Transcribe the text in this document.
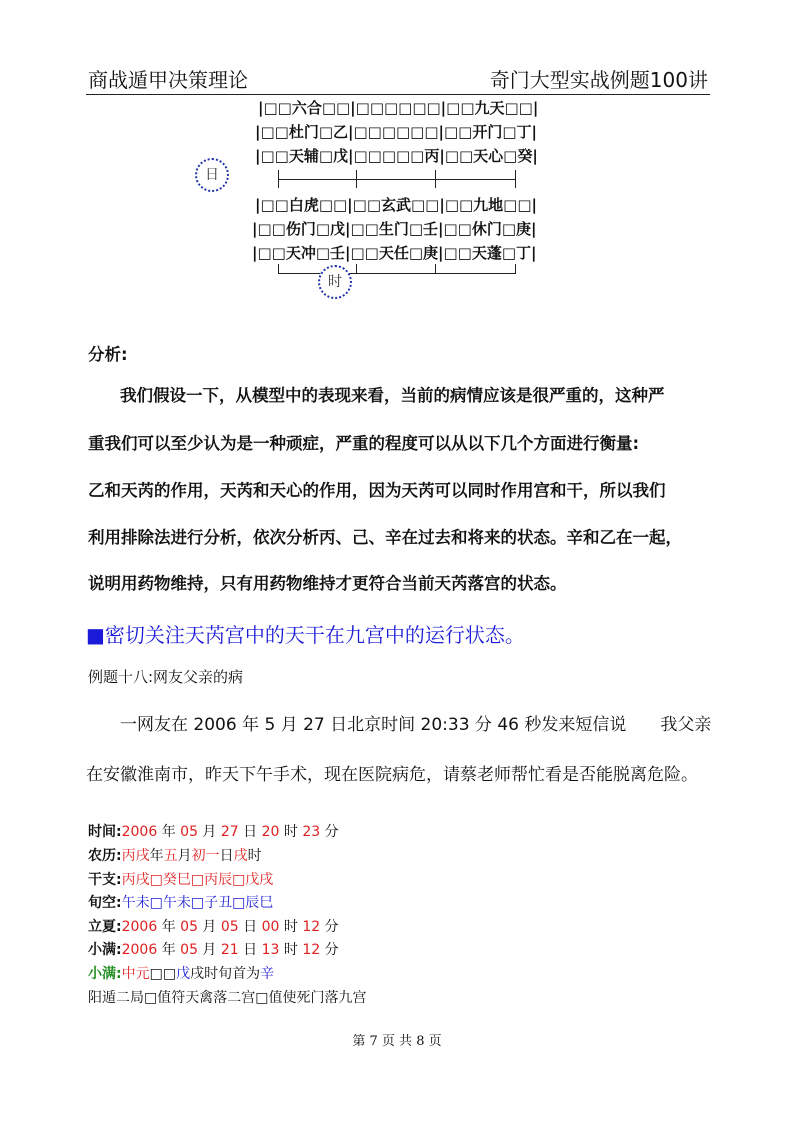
商战遁甲决策理论	奇门大型实战例题100讲
|□□六合□□|□□□□□□|□□九天□□|
|□□杜门□乙|□□□□□□|□□开门□丁|
|□□天辅□戊|□□□□□丙|□□天心□癸|
|□□白虎□□|□□玄武□□|□□九地□□|
|□□伤门□戊|□□生门□壬|□□休门□庚|
|□□天冲□壬|□□天任□庚|□□天蓬□丁|
日
时
分析:
我们假设一下，从模型中的表现来看，当前的病情应该是很严重的，这种严
重我们可以至少认为是一种顽症，严重的程度可以从以下几个方面进行衡量:
乙和天芮的作用，天芮和天心的作用，因为天芮可以同时作用宫和干，所以我们
利用排除法进行分析，依次分析丙、己、辛在过去和将来的状态。辛和乙在一起，
说明用药物维持，只有用药物维持才更符合当前天芮落宫的状态。
■密切关注天芮宫中的天干在九宫中的运行状态。
例题十八:网友父亲的病
一网友在 2006 年 5 月 27 日北京时间 20:33 分 46 秒发来短信说　　我父亲
在安徽淮南市，昨天下午手术，现在医院病危，请蔡老师帮忙看是否能脱离危险。
时间:2006 年 05 月 27 日 20 时 23 分
农历:丙戌年五月初一日戌时
干支:丙戌□癸巳□丙辰□戊戌
旬空:午未□午未□子丑□辰巳
立夏:2006 年 05 月 05 日 00 时 12 分
小满:2006 年 05 月 21 日 13 时 12 分
小满:中元□□戊戌时旬首为辛
阳遁二局□值符天禽落二宫□值使死门落九宫
第 7 页 共 8 页
